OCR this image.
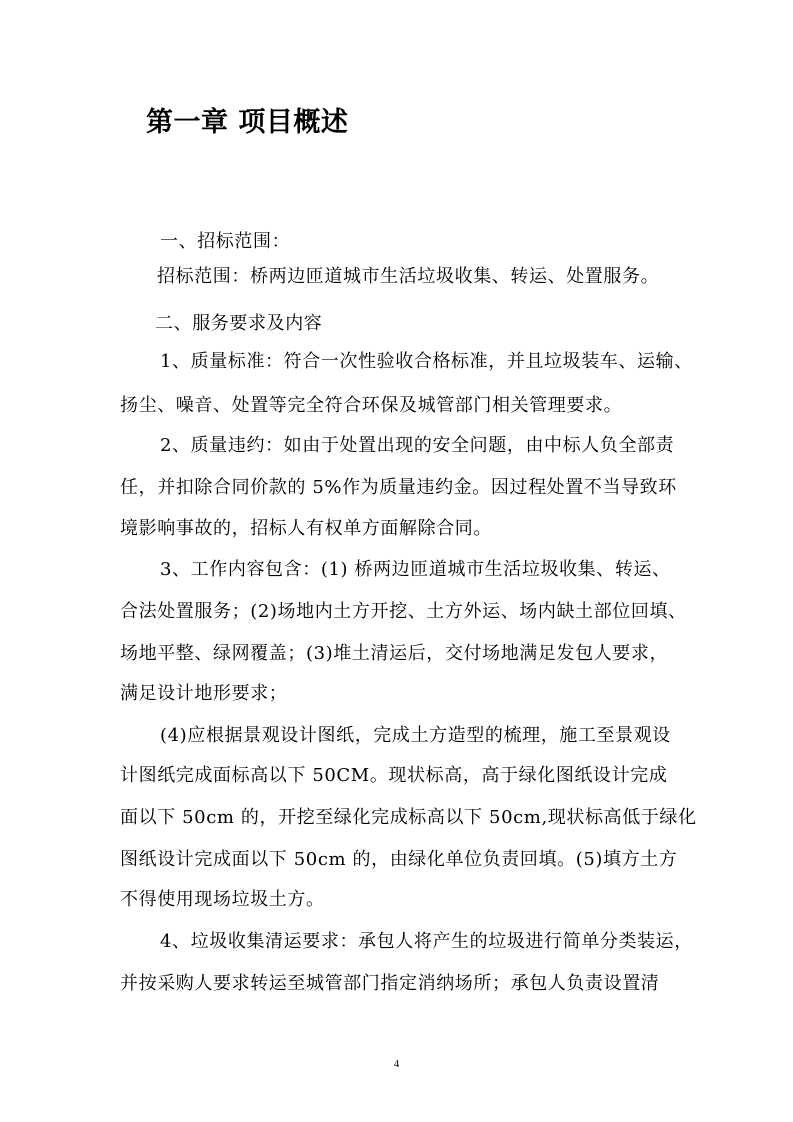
第一章 项目概述
一、招标范围：
招标范围：桥两边匝道城市生活垃圾收集、转运、处置服务。
二、服务要求及内容
1、质量标准：符合一次性验收合格标准，并且垃圾装车、运输、
扬尘、噪音、处置等完全符合环保及城管部门相关管理要求。
2、质量违约：如由于处置出现的安全问题，由中标人负全部责
任，并扣除合同价款的 5%作为质量违约金。因过程处置不当导致环
境影响事故的，招标人有权单方面解除合同。
3、工作内容包含：(1) 桥两边匝道城市生活垃圾收集、转运、
合法处置服务；(2)场地内土方开挖、土方外运、场内缺土部位回填、
场地平整、绿网覆盖；(3)堆土清运后，交付场地满足发包人要求，
满足设计地形要求；
(4)应根据景观设计图纸，完成土方造型的梳理，施工至景观设
计图纸完成面标高以下 50CM。现状标高，高于绿化图纸设计完成
面以下 50cm 的，开挖至绿化完成标高以下 50cm,现状标高低于绿化
图纸设计完成面以下 50cm 的，由绿化单位负责回填。(5)填方土方
不得使用现场垃圾土方。
4、垃圾收集清运要求：承包人将产生的垃圾进行简单分类装运，
并按采购人要求转运至城管部门指定消纳场所；承包人负责设置清
4
